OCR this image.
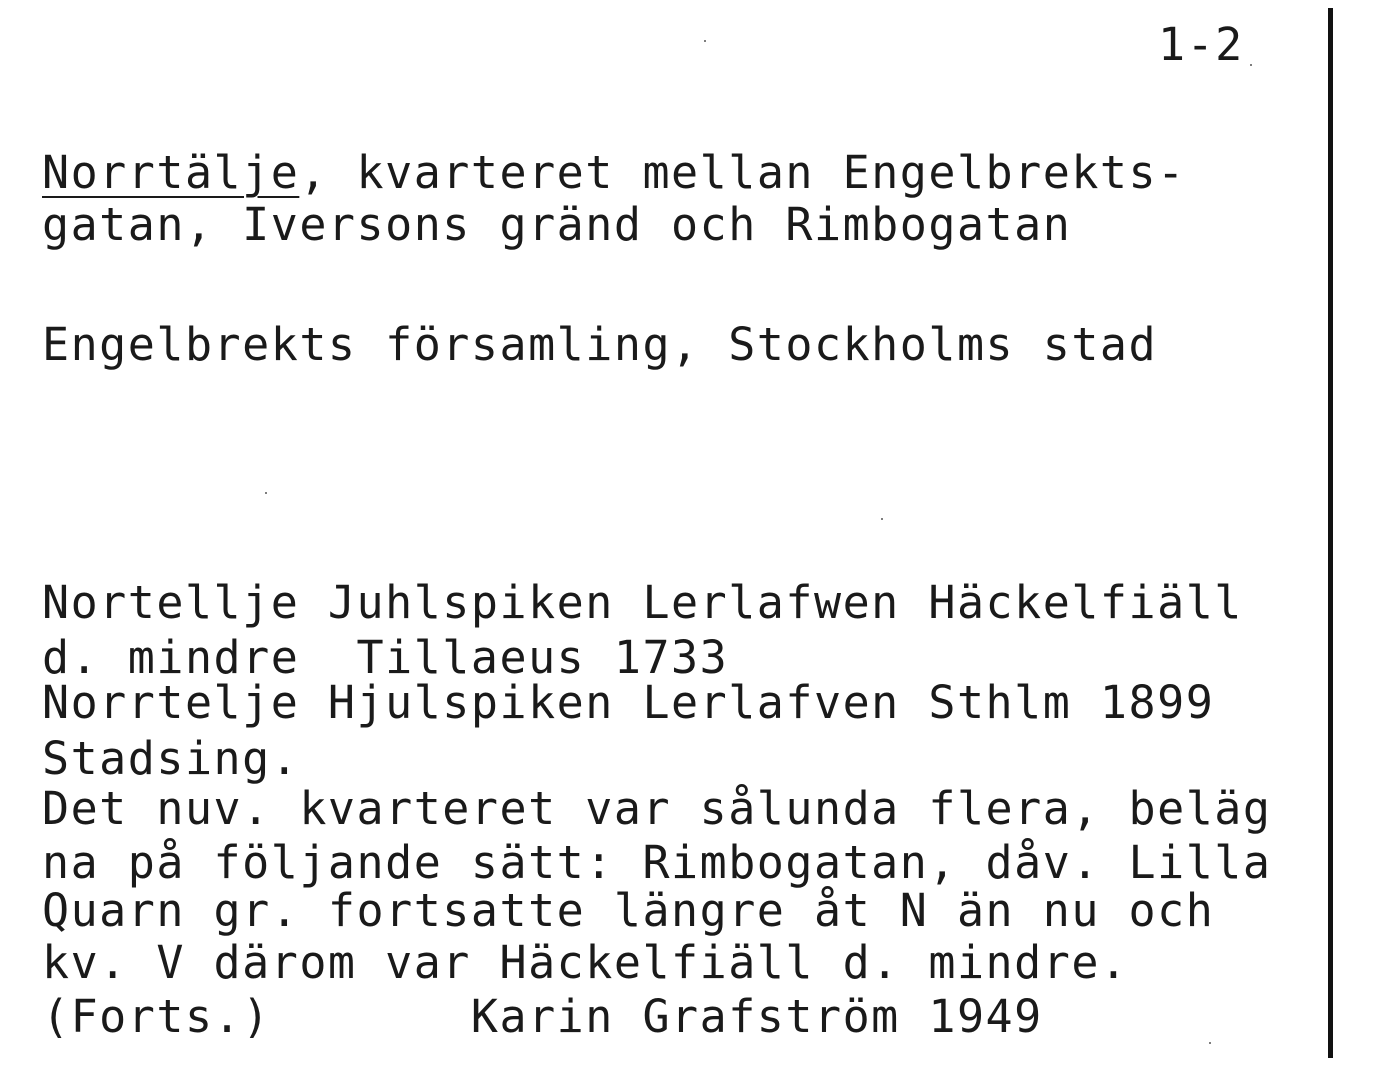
1-2
Norrtälje, kvarteret mellan Engelbrekts-
gatan, Iversons gränd och Rimbogatan
Engelbrekts församling, Stockholms stad
Nortellje Juhlspiken Lerlafwen Häckelfiäll
d. mindre  Tillaeus 1733
Norrtelje Hjulspiken Lerlafven Sthlm 1899
Stadsing.
Det nuv. kvarteret var sålunda flera, beläg
na på följande sätt: Rimbogatan, dåv. Lilla
Quarn gr. fortsatte längre åt N än nu och
kv. V därom var Häckelfiäll d. mindre.
(Forts.)       Karin Grafström 1949
